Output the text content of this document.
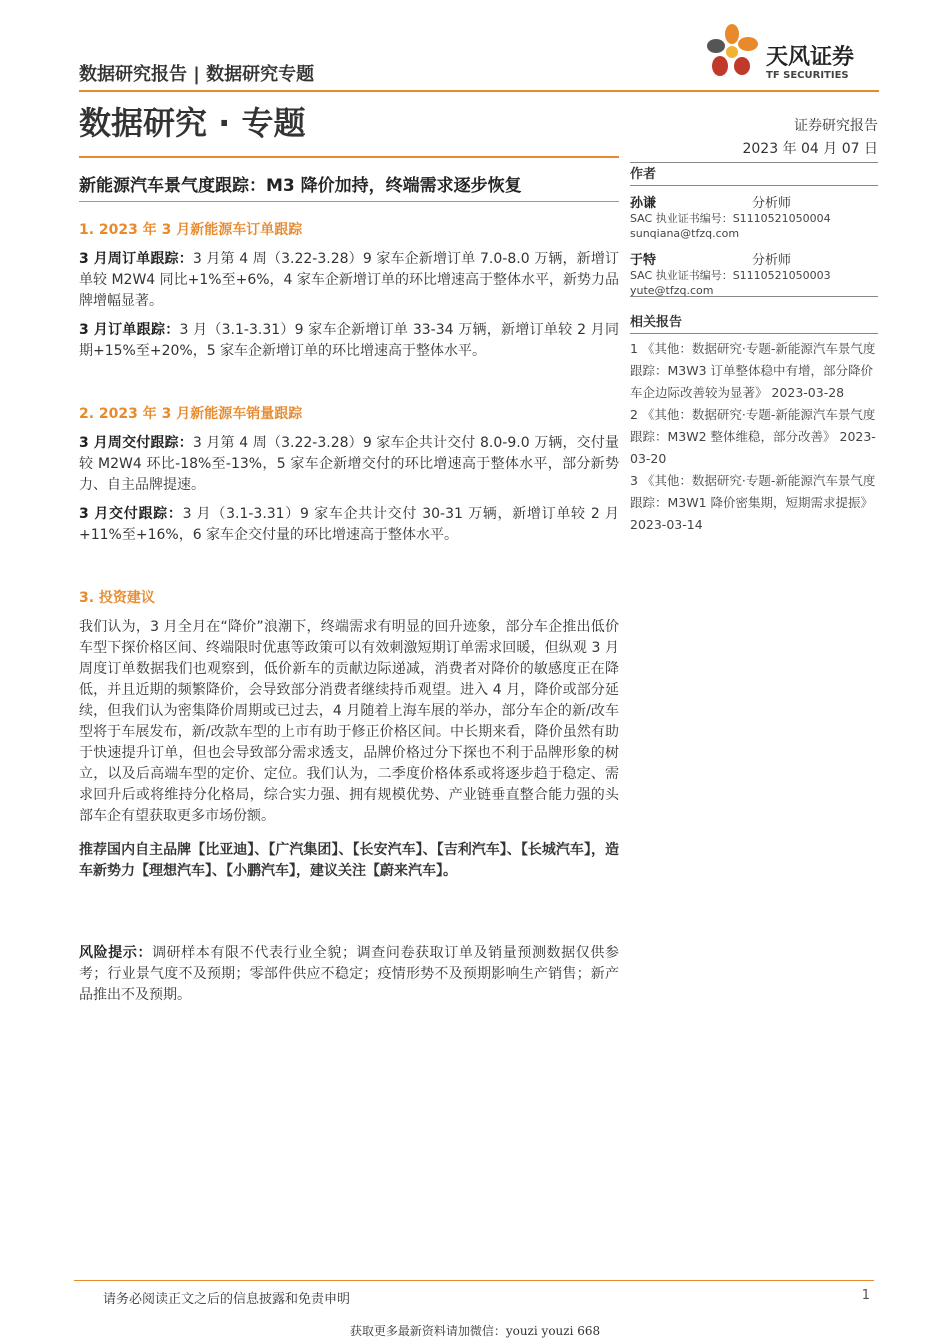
数据研究报告 | 数据研究专题
天风证券
TF SECURITIES
数据研究 · 专题	证券研究报告
2023 年 04 月 07 日
新能源汽车景气度跟踪：M3 降价加持，终端需求逐步恢复
1. 2023 年 3 月新能源车订单跟踪
3 月周订单跟踪：3 月第 4 周（3.22-3.28）9 家车企新增订单 7.0-8.0 万辆，新增订单较 M2W4 同比+1%至+6%，4 家车企新增订单的环比增速高于整体水平，新势力品牌增幅显著。
3 月订单跟踪：3 月（3.1-3.31）9 家车企新增订单 33-34 万辆，新增订单较 2 月同期+15%至+20%，5 家车企新增订单的环比增速高于整体水平。
2. 2023 年 3 月新能源车销量跟踪
3 月周交付跟踪：3 月第 4 周（3.22-3.28）9 家车企共计交付 8.0-9.0 万辆，交付量较 M2W4 环比-18%至-13%，5 家车企新增交付的环比增速高于整体水平，部分新势力、自主品牌提速。
3 月交付跟踪：3 月（3.1-3.31）9 家车企共计交付 30-31 万辆，新增订单较 2 月+11%至+16%，6 家车企交付量的环比增速高于整体水平。
3. 投资建议
我们认为，3 月全月在“降价”浪潮下，终端需求有明显的回升迹象，部分车企推出低价车型下探价格区间、终端限时优惠等政策可以有效刺激短期订单需求回暖，但纵观 3 月周度订单数据我们也观察到，低价新车的贡献边际递减，消费者对降价的敏感度正在降低，并且近期的频繁降价，会导致部分消费者继续持币观望。进入 4 月，降价或部分延续，但我们认为密集降价周期或已过去，4 月随着上海车展的举办，部分车企的新/改车型将于车展发布，新/改款车型的上市有助于修正价格区间。中长期来看，降价虽然有助于快速提升订单，但也会导致部分需求透支，品牌价格过分下探也不利于品牌形象的树立，以及后高端车型的定价、定位。我们认为，二季度价格体系或将逐步趋于稳定、需求回升后或将维持分化格局，综合实力强、拥有规模优势、产业链垂直整合能力强的头部车企有望获取更多市场份额。
推荐国内自主品牌【比亚迪】、【广汽集团】、【长安汽车】、【吉利汽车】、【长城汽车】，造车新势力【理想汽车】、【小鹏汽车】，建议关注【蔚来汽车】。
风险提示：调研样本有限不代表行业全貌；调查问卷获取订单及销量预测数据仅供参考；行业景气度不及预期；零部件供应不稳定；疫情形势不及预期影响生产销售；新产品推出不及预期。
作者
孙谦	分析师
SAC 执业证书编号：S1110521050004
sunqiana@tfzq.com
于特	分析师
SAC 执业证书编号：S1110521050003
yute@tfzq.com
相关报告
1 《其他：数据研究·专题-新能源汽车景气度跟踪：M3W3 订单整体稳中有增，部分降价车企边际改善较为显著》 2023-03-28
2 《其他：数据研究·专题-新能源汽车景气度跟踪：M3W2 整体维稳，部分改善》 2023-03-20
3 《其他：数据研究·专题-新能源汽车景气度跟踪：M3W1 降价密集期，短期需求提振》 2023-03-14
请务必阅读正文之后的信息披露和免责申明	1
获取更多最新资料请加微信：youzi youzi 668
